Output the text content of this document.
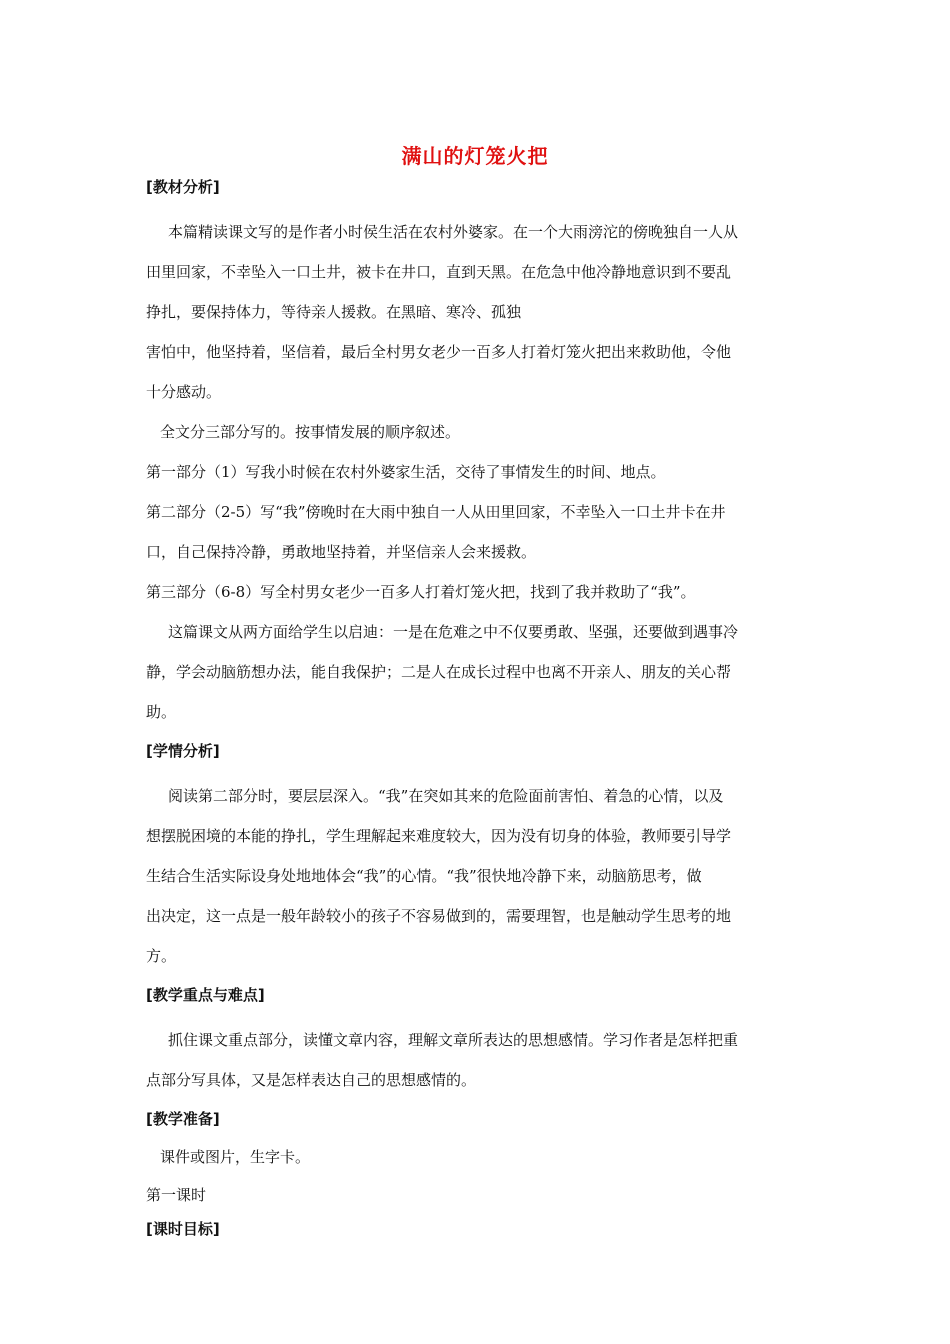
满山的灯笼火把
[教材分析]
本篇精读课文写的是作者小时侯生活在农村外婆家。在一个大雨滂沱的傍晚独自一人从
田里回家，不幸坠入一口土井，被卡在井口，直到天黑。在危急中他冷静地意识到不要乱
挣扎，要保持体力，等待亲人援救。在黑暗、寒冷、孤独
害怕中，他坚持着，坚信着，最后全村男女老少一百多人打着灯笼火把出来救助他，令他
十分感动。
全文分三部分写的。按事情发展的顺序叙述。
第一部分（1）写我小时候在农村外婆家生活，交待了事情发生的时间、地点。
第二部分（2-5）写“我”傍晚时在大雨中独自一人从田里回家，不幸坠入一口土井卡在井
口，自己保持冷静，勇敢地坚持着，并坚信亲人会来援救。
第三部分（6-8）写全村男女老少一百多人打着灯笼火把，找到了我并救助了“我”。
这篇课文从两方面给学生以启迪：一是在危难之中不仅要勇敢、坚强，还要做到遇事冷
静，学会动脑筋想办法，能自我保护；二是人在成长过程中也离不开亲人、朋友的关心帮
助。
[学情分析]
阅读第二部分时，要层层深入。“我”在突如其来的危险面前害怕、着急的心情，以及
想摆脱困境的本能的挣扎，学生理解起来难度较大，因为没有切身的体验，教师要引导学
生结合生活实际设身处地地体会“我”的心情。“我”很快地冷静下来，动脑筋思考，做
出决定，这一点是一般年龄较小的孩子不容易做到的，需要理智，也是触动学生思考的地
方。
[教学重点与难点]
抓住课文重点部分，读懂文章内容，理解文章所表达的思想感情。学习作者是怎样把重
点部分写具体，又是怎样表达自己的思想感情的。
[教学准备]
课件或图片，生字卡。
第一课时
[课时目标]
